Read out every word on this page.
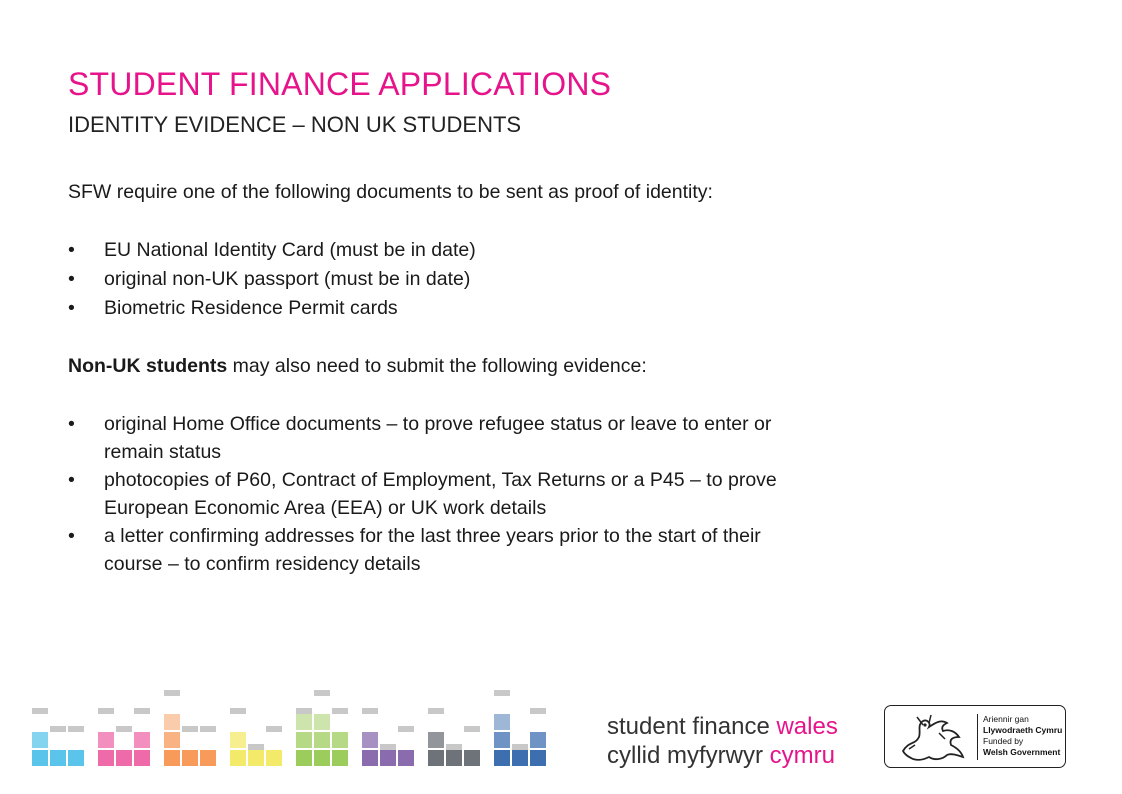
STUDENT FINANCE APPLICATIONS
IDENTITY EVIDENCE – NON UK STUDENTS

SFW require one of the following documents to be sent as proof of identity:

• EU National Identity Card (must be in date)
• original non-UK passport (must be in date)
• Biometric Residence Permit cards

Non-UK students may also need to submit the following evidence:

• original Home Office documents – to prove refugee status or leave to enter or
remain status
• photocopies of P60, Contract of Employment, Tax Returns or a P45 – to prove
European Economic Area (EEA) or UK work details
• a letter confirming addresses for the last three years prior to the start of their
course – to confirm residency details
student finance wales
cyllid myfyrwyr cymru
Ariennir gan
Llywodraeth Cymru
Funded by
Welsh Government
